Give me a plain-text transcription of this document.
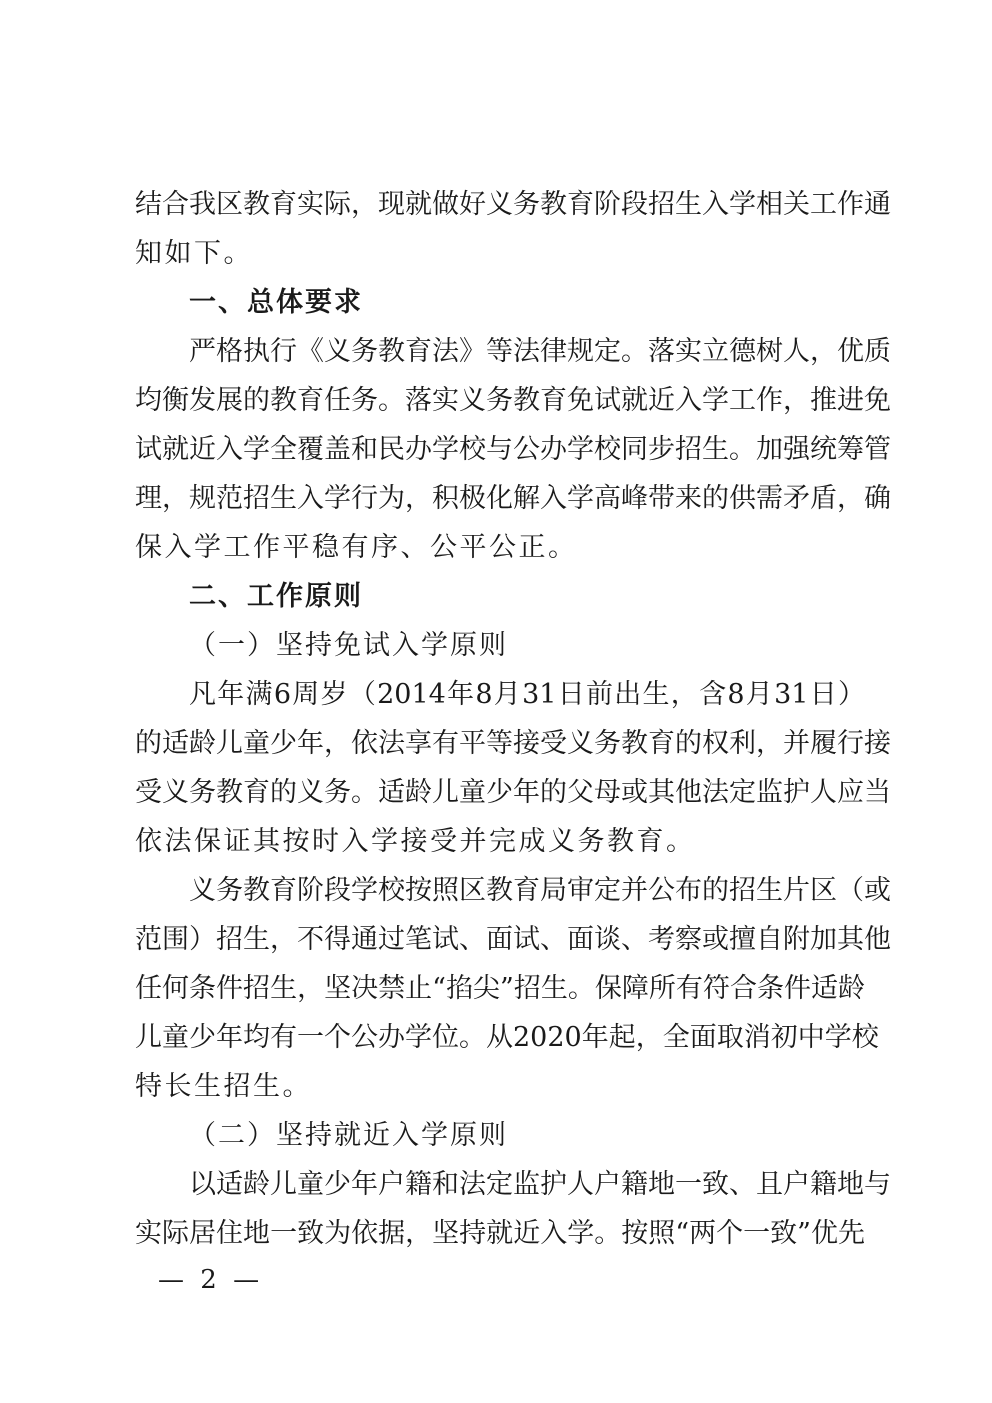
结合我区教育实际，现就做好义务教育阶段招生入学相关工作通
知如下。
一、总体要求
严格执行《义务教育法》等法律规定。落实立德树人，优质
均衡发展的教育任务。落实义务教育免试就近入学工作，推进免
试就近入学全覆盖和民办学校与公办学校同步招生。加强统筹管
理，规范招生入学行为，积极化解入学高峰带来的供需矛盾，确
保入学工作平稳有序、公平公正。
二、工作原则
（一）坚持免试入学原则
凡年满6周岁（2014年8月31日前出生，含8月31日）
的适龄儿童少年，依法享有平等接受义务教育的权利，并履行接
受义务教育的义务。适龄儿童少年的父母或其他法定监护人应当
依法保证其按时入学接受并完成义务教育。
义务教育阶段学校按照区教育局审定并公布的招生片区（或
范围）招生，不得通过笔试、面试、面谈、考察或擅自附加其他
任何条件招生，坚决禁止“掐尖”招生。保障所有符合条件适龄
儿童少年均有一个公办学位。从2020年起，全面取消初中学校
特长生招生。
（二）坚持就近入学原则
以适龄儿童少年户籍和法定监护人户籍地一致、且户籍地与
实际居住地一致为依据，坚持就近入学。按照“两个一致”优先
— 2 —
